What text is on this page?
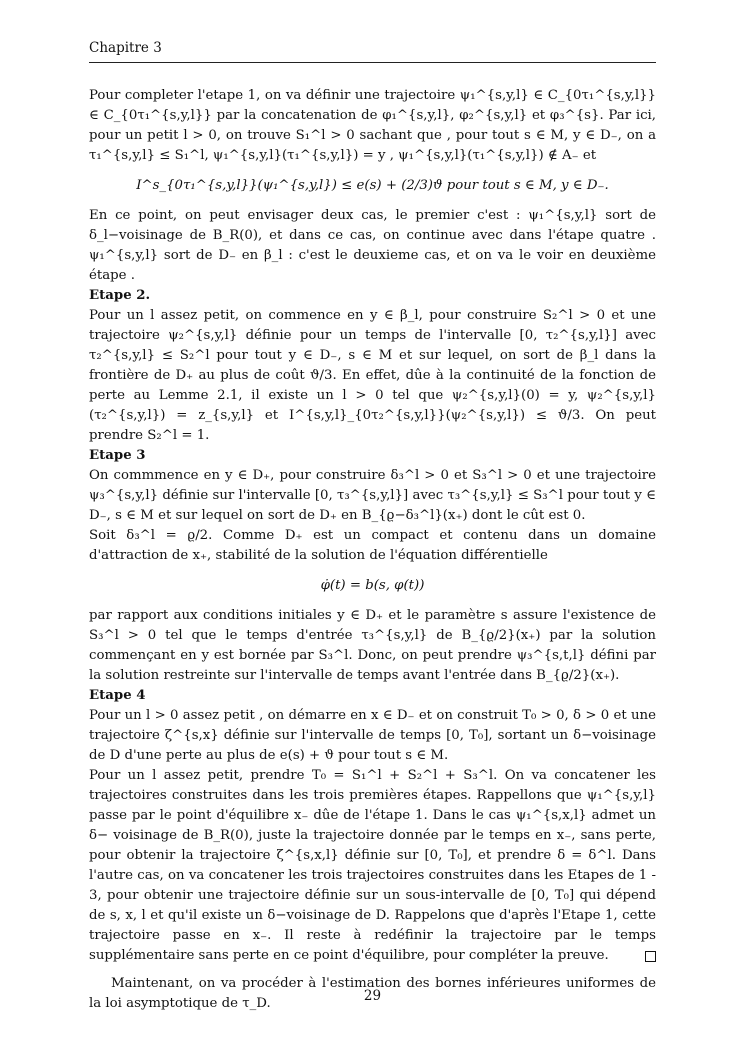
Chapitre 3

Pour completer l'etape 1, on va définir une trajectoire ψ₁^{s,y,l} ∈ C_{0τ₁^{s,y,l}} ∈ C_{0τ₁^{s,y,l}} par la concatenation de φ₁^{s,y,l}, φ₂^{s,y,l} et φ₃^{s}. Par ici, pour un petit l > 0, on trouve S₁^l > 0 sachant que , pour tout s ∈ M, y ∈ D₋, on a τ₁^{s,y,l} ≤ S₁^l, ψ₁^{s,y,l}(τ₁^{s,y,l}) = y , ψ₁^{s,y,l}(τ₁^{s,y,l}) ∉ A₋ et

I^s_{0τ₁^{s,y,l}}(ψ₁^{s,y,l}) ≤ e(s) + (2/3)ϑ pour tout s ∈ M, y ∈ D₋.

En ce point, on peut envisager deux cas, le premier c'est : ψ₁^{s,y,l} sort de δ_l−voisinage de B_R(0), et dans ce cas, on continue avec dans l'étape quatre . ψ₁^{s,y,l} sort de D₋ en β_l : c'est le deuxieme cas, et on va le voir en deuxième étape .

Etape 2.

Pour un l assez petit, on commence en y ∈ β_l, pour construire S₂^l > 0 et une trajectoire ψ₂^{s,y,l} définie pour un temps de l'intervalle [0, τ₂^{s,y,l}] avec τ₂^{s,y,l} ≤ S₂^l pour tout y ∈ D₋, s ∈ M et sur lequel, on sort de β_l dans la frontière de D₊ au plus de coût ϑ/3. En effet, dûe à la continuité de la fonction de perte au Lemme 2.1, il existe un l > 0 tel que ψ₂^{s,y,l}(0) = y, ψ₂^{s,y,l}(τ₂^{s,y,l}) = z_{s,y,l} et I^{s,y,l}_{0τ₂^{s,y,l}}(ψ₂^{s,y,l}) ≤ ϑ/3. On peut prendre S₂^l = 1.

Etape 3

On commmence en y ∈ D₊, pour construire δ₃^l > 0 et S₃^l > 0 et une trajectoire ψ₃^{s,y,l} définie sur l'intervalle [0, τ₃^{s,y,l}] avec τ₃^{s,y,l} ≤ S₃^l pour tout y ∈ D₋, s ∈ M et sur lequel on sort de D₊ en B_{ϱ−δ₃^l}(x₊) dont le cût est 0.

Soit δ₃^l = ϱ/2. Comme D₊ est un compact et contenu dans un domaine d'attraction de x₊, stabilité de la solution de l'équation différentielle

φ̇(t) = b(s, φ(t))

par rapport aux conditions initiales y ∈ D₊ et le paramètre s assure l'existence de S₃^l > 0 tel que le temps d'entrée τ₃^{s,y,l} de B_{ϱ/2}(x₊) par la solution commençant en y est bornée par S₃^l. Donc, on peut prendre ψ₃^{s,t,l} défini par la solution restreinte sur l'intervalle de temps avant l'entrée dans B_{ϱ/2}(x₊).

Etape 4

Pour un l > 0 assez petit , on démarre en x ∈ D₋ et on construit T₀ > 0, δ > 0 et une trajectoire ζ^{s,x} définie sur l'intervalle de temps [0, T₀], sortant un δ−voisinage de D d'une perte au plus de e(s) + ϑ pour tout s ∈ M.

Pour un l assez petit, prendre T₀ = S₁^l + S₂^l + S₃^l. On va concatener les trajectoires construites dans les trois premières étapes. Rappellons que ψ₁^{s,y,l} passe par le point d'équilibre x₋ dûe de l'étape 1. Dans le cas ψ₁^{s,x,l} admet un δ− voisinage de B_R(0), juste la trajectoire donnée par le temps en x₋, sans perte, pour obtenir la trajectoire ζ^{s,x,l} définie sur [0, T₀], et prendre δ = δ^l. Dans l'autre cas, on va concatener les trois trajectoires construites dans les Etapes de 1 - 3, pour obtenir une trajectoire définie sur un sous-intervalle de [0, T₀] qui dépend de s, x, l et qu'il existe un δ−voisinage de D. Rappelons que d'après l'Etape 1, cette trajectoire passe en x₋. Il reste à redéfinir la trajectoire par le temps supplémentaire sans perte en ce point d'équilibre, pour compléter la preuve.

Maintenant, on va procéder à l'estimation des bornes inférieures uniformes de la loi asymptotique de τ_D.	29
